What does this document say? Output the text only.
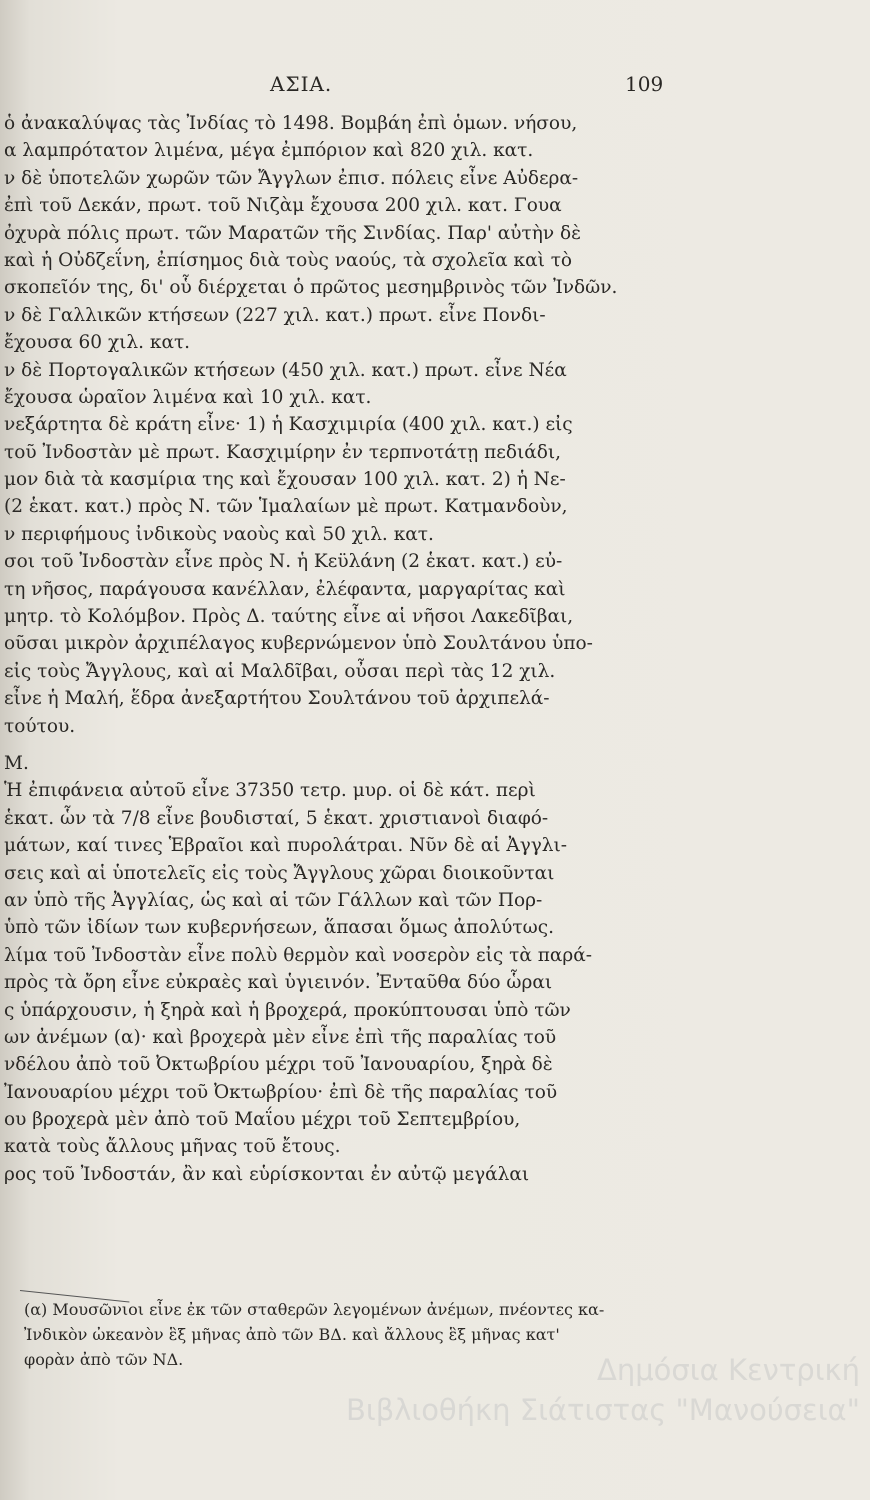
ΑΣΙΑ.	109
ὁ ἀνακαλύψας τὰς Ἰνδίας τὸ 1498. Βομβάη ἐπὶ ὁμων. νήσου,
α λαμπρότατον λιμένα, μέγα ἐμπόριον καὶ 820 χιλ. κατ.
ν δὲ ὑποτελῶν χωρῶν τῶν Ἄγγλων ἐπισ. πόλεις εἶνε Αὐδερα-
ἐπὶ τοῦ Δεκάν, πρωτ. τοῦ Νιζὰμ ἔχουσα 200 χιλ. κατ. Γουα
ὀχυρὰ πόλις πρωτ. τῶν Μαρατῶν τῆς Σινδίας. Παρ' αὐτὴν δὲ
καὶ ἡ Οὐδζεΐνη, ἐπίσημος διὰ τοὺς ναούς, τὰ σχολεῖα καὶ τὸ
σκοπεῖόν της, δι' οὗ διέρχεται ὁ πρῶτος μεσημβρινὸς τῶν Ἰνδῶν.
ν δὲ Γαλλικῶν κτήσεων (227 χιλ. κατ.) πρωτ. εἶνε Πονδι-
ἔχουσα 60 χιλ. κατ.
ν δὲ Πορτογαλικῶν κτήσεων (450 χιλ. κατ.) πρωτ. εἶνε Νέα
ἔχουσα ὡραῖον λιμένα καὶ 10 χιλ. κατ.
νεξάρτητα δὲ κράτη εἶνε· 1) ἡ Κασχιμιρία (400 χιλ. κατ.) εἰς
τοῦ Ἰνδοστὰν μὲ πρωτ. Κασχιμίρην ἐν τερπνοτάτῃ πεδιάδι,
μον διὰ τὰ κασμίρια της καὶ ἔχουσαν 100 χιλ. κατ. 2) ἡ Νε-
(2 ἑκατ. κατ.) πρὸς Ν. τῶν Ἱμαλαίων μὲ πρωτ. Κατμανδοὺν,
ν περιφήμους ἰνδικοὺς ναοὺς καὶ 50 χιλ. κατ.
σοι τοῦ Ἰνδοστὰν εἶνε πρὸς Ν. ἡ Κεϋλάνη (2 ἑκατ. κατ.) εὐ-
τη νῆσος, παράγουσα κανέλλαν, ἐλέφαντα, μαργαρίτας καὶ
μητρ. τὸ Κολόμβον. Πρὸς Δ. ταύτης εἶνε αἱ νῆσοι Λακεδῖβαι,
οῦσαι μικρὸν ἀρχιπέλαγος κυβερνώμενον ὑπὸ Σουλτάνου ὑπο-
εἰς τοὺς Ἄγγλους, καὶ αἱ Μαλδῖβαι, οὖσαι περὶ τὰς 12 χιλ.
εἶνε ἡ Μαλή, ἕδρα ἀνεξαρτήτου Σουλτάνου τοῦ ἀρχιπελά-
τούτου.
M.
Ἡ ἐπιφάνεια αὐτοῦ εἶνε 37350 τετρ. μυρ. οἱ δὲ κάτ. περὶ
ἑκατ. ὧν τὰ 7/8 εἶνε βουδισταί, 5 ἑκατ. χριστιανοὶ διαφό-
μάτων, καί τινες Ἑβραῖοι καὶ πυρολάτραι. Νῦν δὲ αἱ Ἀγγλι-
σεις καὶ αἱ ὑποτελεῖς εἰς τοὺς Ἄγγλους χῶραι διοικοῦνται
αν ὑπὸ τῆς Ἀγγλίας, ὡς καὶ αἱ τῶν Γάλλων καὶ τῶν Πορ-
ὑπὸ τῶν ἰδίων των κυβερνήσεων, ἅπασαι ὅμως ἀπολύτως.
λίμα τοῦ Ἰνδοστὰν εἶνε πολὺ θερμὸν καὶ νοσερὸν εἰς τὰ παρά-
πρὸς τὰ ὄρη εἶνε εὐκραὲς καὶ ὑγιεινόν. Ἐνταῦθα δύο ὧραι
ς ὑπάρχουσιν, ἡ ξηρὰ καὶ ἡ βροχερά, προκύπτουσαι ὑπὸ τῶν
ων ἀνέμων (α)· καὶ βροχερὰ μὲν εἶνε ἐπὶ τῆς παραλίας τοῦ
νδέλου ἀπὸ τοῦ Ὀκτωβρίου μέχρι τοῦ Ἰανουαρίου, ξηρὰ δὲ
Ἰανουαρίου μέχρι τοῦ Ὀκτωβρίου· ἐπὶ δὲ τῆς παραλίας τοῦ
ου βροχερὰ μὲν ἀπὸ τοῦ Μαΐου μέχρι τοῦ Σεπτεμβρίου,
κατὰ τοὺς ἄλλους μῆνας τοῦ ἔτους.
ρος τοῦ Ἰνδοστάν, ἂν καὶ εὑρίσκονται ἐν αὐτῷ μεγάλαι
(α) Μουσῶνιοι εἶνε ἐκ τῶν σταθερῶν λεγομένων ἀνέμων, πνέοντες κα-
Ἰνδικὸν ὠκεανὸν ἓξ μῆνας ἀπὸ τῶν ΒΔ. καὶ ἄλλους ἓξ μῆνας κατ'
φορὰν ἀπὸ τῶν ΝΔ.	Δημόσια Κεντρική
Βιβλιοθήκη Σιάτιστας "Μανούσεια"
